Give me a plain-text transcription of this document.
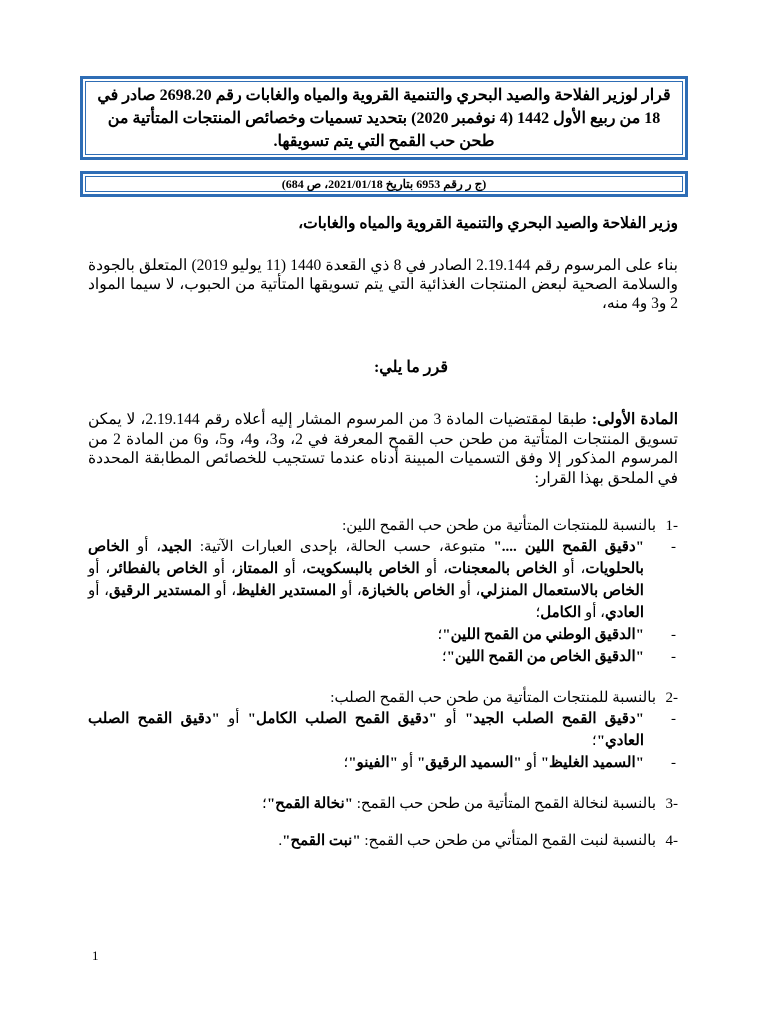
قرار لوزير الفلاحة والصيد البحري والتنمية القروية والمياه والغابات رقم 2698.20 صادر في 18 من ربيع الأول 1442 (4 نوفمبر 2020) بتحديد تسميات وخصائص المنتجات المتأتية من طحن حب القمح التي يتم تسويقها.
(ج ر رقم 6953 بتاريخ 2021/01/18، ص 684)
وزير الفلاحة والصيد البحري والتنمية القروية والمياه والغابات،
بناء على المرسوم رقم 2.19.144 الصادر في 8 ذي القعدة 1440 (11 يوليو 2019) المتعلق بالجودة والسلامة الصحية لبعض المنتجات الغذائية التي يتم تسويقها المتأتية من الحبوب، لا سيما المواد 2 و3 و4 منه،
قرر ما يلي:
المادة الأولى: طبقا لمقتضيات المادة 3 من المرسوم المشار إليه أعلاه رقم 2.19.144، لا يمكن تسويق المنتجات المتأتية من طحن حب القمح المعرفة في 2، و3، و4، و5، و6 من المادة 2 من المرسوم المذكور إلا وفق التسميات المبينة أدناه عندما تستجيب للخصائص المطابقة المحددة في الملحق بهذا القرار:
-1بالنسبة للمنتجات المتأتية من طحن حب القمح اللين:
-
"دقيق القمح اللين ...." متبوعة، حسب الحالة، بإحدى العبارات الآتية: الجيد، أو الخاص بالحلويات، أو الخاص بالمعجنات، أو الخاص بالبسكويت، أو الممتاز، أو الخاص بالفطائر، أو الخاص بالاستعمال المنزلي، أو الخاص بالخبازة، أو المستدير الغليظ، أو المستدير الرقيق، أو العادي، أو الكامل؛
-
"الدقيق الوطني من القمح اللين"؛
-
"الدقيق الخاص من القمح اللين"؛
-2بالنسبة للمنتجات المتأتية من طحن حب القمح الصلب:
-
"دقيق القمح الصلب الجيد" أو "دقيق القمح الصلب الكامل" أو "دقيق القمح الصلب العادي"؛
-
"السميد الغليظ" أو "السميد الرقيق" أو "الفينو"؛
-3بالنسبة لنخالة القمح المتأتية من طحن حب القمح: "نخالة القمح"؛
-4بالنسبة لنبت القمح المتأتي من طحن حب القمح: "نبت القمح".
1
